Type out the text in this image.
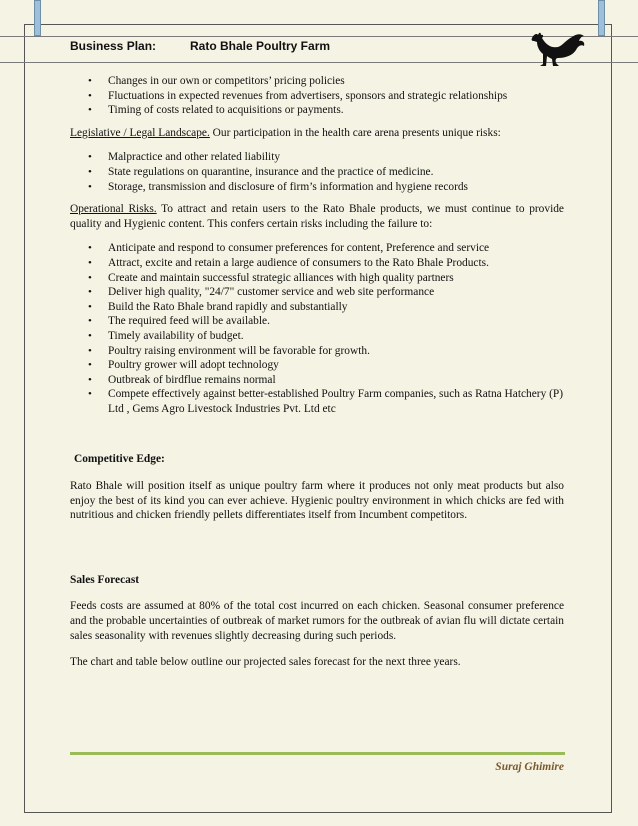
Business Plan:	Rato Bhale Poultry Farm
• Changes in our own or competitors’ pricing policies
• Fluctuations in expected revenues from advertisers, sponsors and strategic relationships
• Timing of costs related to acquisitions or payments.

Legislative / Legal Landscape. Our participation in the health care arena presents unique risks:

• Malpractice and other related liability
• State regulations on quarantine, insurance and the practice of medicine.
• Storage, transmission and disclosure of firm’s information and hygiene records

Operational Risks. To attract and retain users to the Rato Bhale products, we must continue to provide quality and Hygienic content. This confers certain risks including the failure to:

• Anticipate and respond to consumer preferences for content, Preference and service
• Attract, excite and retain a large audience of consumers to the Rato Bhale Products.
• Create and maintain successful strategic alliances with high quality partners
• Deliver high quality, "24/7" customer service and web site performance
• Build the Rato Bhale brand rapidly and substantially
• The required feed will be available.
• Timely availability of budget.
• Poultry raising environment will be favorable for growth.
• Poultry grower will adopt technology
• Outbreak of birdflue remains normal
• Compete effectively against better-established Poultry Farm companies, such as Ratna Hatchery (P) Ltd , Gems Agro Livestock Industries Pvt. Ltd etc

Competitive Edge:

Rato Bhale will position itself as unique poultry farm where it produces not only meat products but also enjoy the best of its kind you can ever achieve. Hygienic poultry environment in which chicks are fed with nutritious and chicken friendly pellets differentiates itself from Incumbent competitors.

Sales Forecast

Feeds costs are assumed at 80% of the total cost incurred on each chicken. Seasonal consumer preference and the probable uncertainties of outbreak of market rumors for the outbreak of avian flu will dictate certain sales seasonality with revenues slightly decreasing during such periods.

The chart and table below outline our projected sales forecast for the next three years.

Suraj Ghimire
